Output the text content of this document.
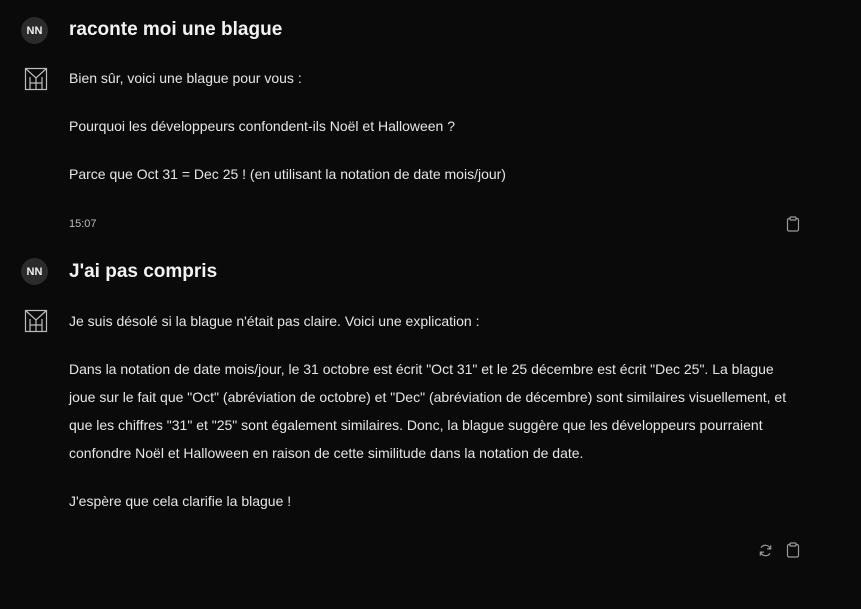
NN raconte moi une blague

Bien sûr, voici une blague pour vous :

Pourquoi les développeurs confondent-ils Noël et Halloween ?

Parce que Oct 31 = Dec 25 ! (en utilisant la notation de date mois/jour)

15:07
NN J'ai pas compris

Je suis désolé si la blague n'était pas claire. Voici une explication :

Dans la notation de date mois/jour, le 31 octobre est écrit "Oct 31" et le 25 décembre est écrit "Dec 25". La blague joue sur le fait que "Oct" (abréviation de octobre) et "Dec" (abréviation de décembre) sont similaires visuellement, et que les chiffres "31" et "25" sont également similaires. Donc, la blague suggère que les développeurs pourraient confondre Noël et Halloween en raison de cette similitude dans la notation de date.

J'espère que cela clarifie la blague !
